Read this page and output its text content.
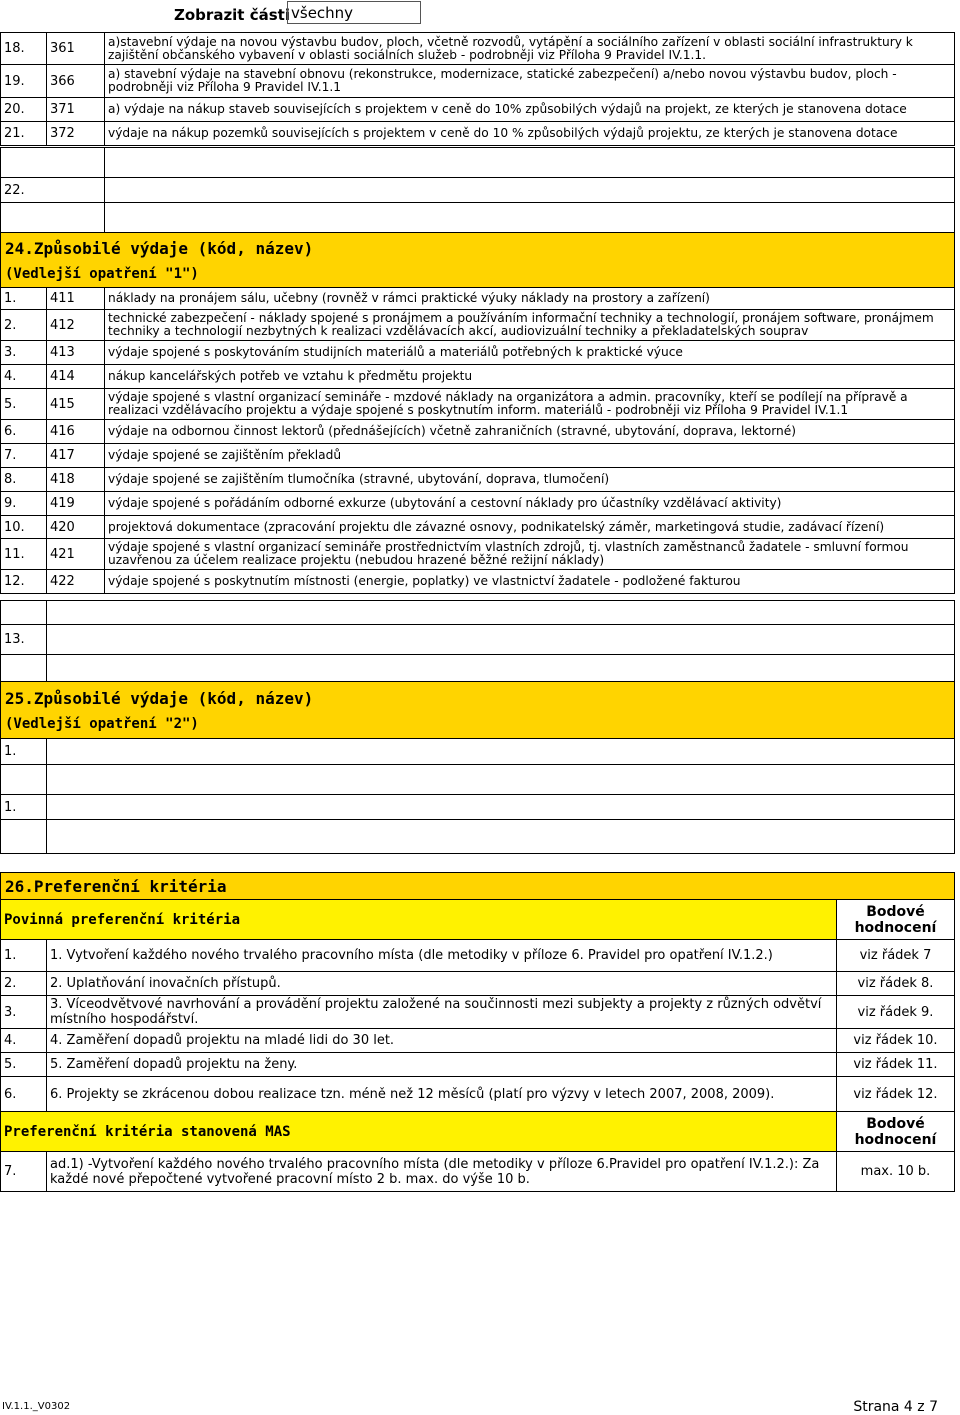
Zobrazit části všechny
18.	361	a)stavební výdaje na novou výstavbu budov, ploch, včetně rozvodů, vytápění a sociálního zařízení v oblasti sociální infrastruktury k zajištění občanského vybavení v oblasti sociálních služeb - podrobněji viz Příloha 9 Pravidel IV.1.1.
19.	366	a) stavební výdaje na stavební obnovu (rekonstrukce, modernizace, statické zabezpečení) a/nebo novou výstavbu budov, ploch - podrobněji viz Příloha 9 Pravidel IV.1.1
20.	371	a) výdaje na nákup staveb souvisejících s projektem v ceně do 10% způsobilých výdajů na projekt, ze kterých je stanovena dotace
21.	372	výdaje na nákup pozemků souvisejících s projektem v ceně do 10 % způsobilých výdajů projektu, ze kterých je stanovena dotace

22.	

24.Způsobilé výdaje (kód, název)
(Vedlejší opatření "1")		

1.	411	náklady na pronájem sálu, učebny (rovněž v rámci praktické výuky náklady na prostory a zařízení)
2.	412	technické zabezpečení - náklady spojené s pronájmem a používáním informační techniky a technologií, pronájem software, pronájmem techniky a technologií nezbytných k realizaci vzdělávacích akcí, audiovizuální techniky a překladatelských souprav
3.	413	výdaje spojené s poskytováním studijních materiálů a materiálů potřebných k praktické výuce
4.	414	nákup kancelářských potřeb ve vztahu k předmětu projektu
5.	415	výdaje spojené s vlastní organizací semináře - mzdové náklady na organizátora a admin. pracovníky, kteří se podílejí na přípravě a realizaci vzdělávacího projektu a výdaje spojené s poskytnutím inform. materiálů - podrobněji viz Příloha 9 Pravidel IV.1.1
6.	416	výdaje na odbornou činnost lektorů (přednášejících) včetně zahraničních (stravné, ubytování, doprava, lektorné)
7.	417	výdaje spojené se zajištěním překladů
8.	418	výdaje spojené se zajištěním tlumočníka (stravné, ubytování, doprava, tlumočení)
9.	419	výdaje spojené s pořádáním odborné exkurze (ubytování a cestovní náklady pro účastníky vzdělávací aktivity)
10.	420	projektová dokumentace (zpracování projektu dle závazné osnovy, podnikatelský záměr, marketingová studie, zadávací řízení)
11.	421	výdaje spojené s vlastní organizací semináře prostřednictvím vlastních zdrojů, tj. vlastních zaměstnanců žadatele - smluvní formou uzavřenou za účelem realizace projektu (nebudou hrazené běžné režijní náklady)
12.	422	výdaje spojené s poskytnutím místnosti (energie, poplatky) ve vlastnictví žadatele - podložené fakturou

13.	

25.Způsobilé výdaje (kód, název)
(Vedlejší opatření "2")	

1.	

1.	

26.Preferenční kritéria		

Povinná preferenční kritéria		Bodové hodnocení
1.	1. Vytvoření každého nového trvalého pracovního místa (dle metodiky v příloze 6. Pravidel pro opatření IV.1.2.)	viz řádek 7
2.	2. Uplatňování inovačních přístupů.	viz řádek 8.
3.	3. Víceodvětvové navrhování a provádění projektu založené na součinnosti mezi subjekty a projekty z různých odvětví místního hospodářství.	viz řádek 9.
4.	4. Zaměření dopadů projektu na mladé lidi do 30 let.	viz řádek 10.
5.	5. Zaměření dopadů projektu na ženy.	viz řádek 11.
6.	6. Projekty se zkrácenou dobou realizace tzn. méně než 12 měsíců (platí pro výzvy v letech 2007, 2008, 2009).	viz řádek 12.
Preferenční kritéria stanovená MAS		Bodové hodnocení
7.	ad.1) -Vytvoření každého nového trvalého pracovního místa (dle metodiky v příloze 6.Pravidel pro opatření IV.1.2.): Za každé nové přepočtené vytvořené pracovní místo 2 b. max. do výše 10 b.	max. 10 b.
IV.1.1._V0302	Strana 4 z 7
